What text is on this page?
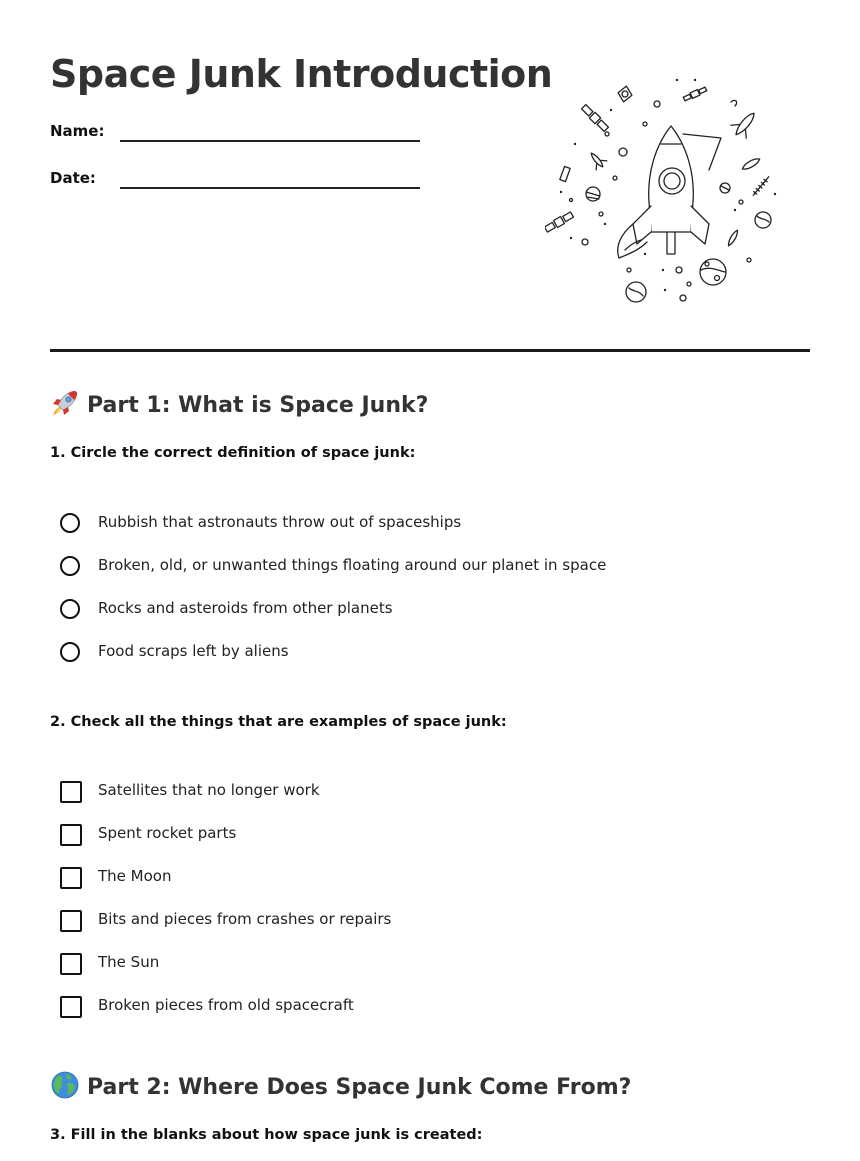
Space Junk Introduction
Name:
Date:
Part 1: What is Space Junk?

1. Circle the correct definition of space junk:

Rubbish that astronauts throw out of spaceships
Broken, old, or unwanted things floating around our planet in space
Rocks and asteroids from other planets
Food scraps left by aliens

2. Check all the things that are examples of space junk:

Satellites that no longer work
Spent rocket parts
The Moon
Bits and pieces from crashes or repairs
The Sun
Broken pieces from old spacecraft
Part 2: Where Does Space Junk Come From?

3. Fill in the blanks about how space junk is created:
